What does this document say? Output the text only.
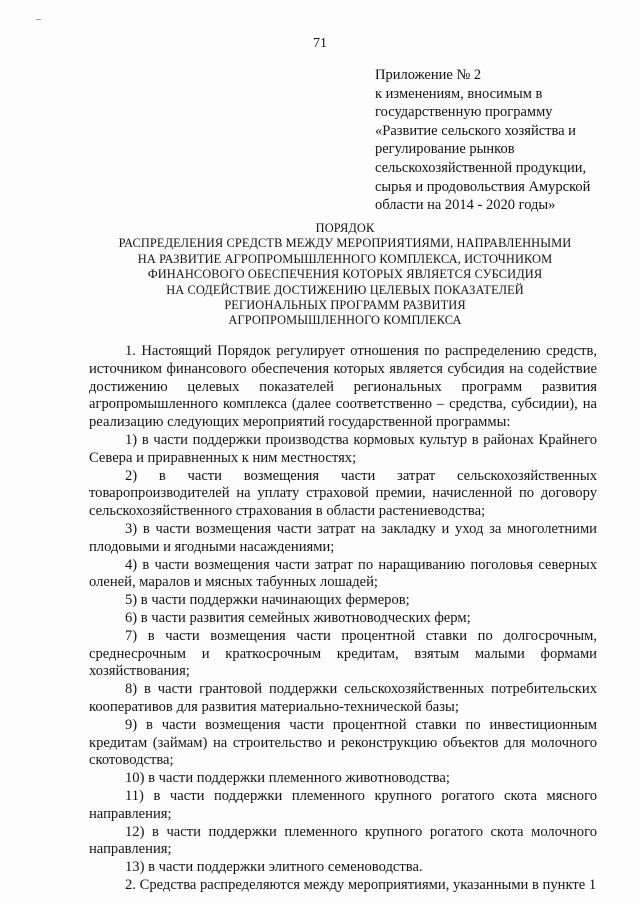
–
71
Приложение № 2
к изменениям, вносимым в
государственную программу
«Развитие сельского хозяйства и
регулирование рынков
сельскохозяйственной продукции,
сырья и продовольствия Амурской
области на 2014 - 2020 годы»
ПОРЯДОК
РАСПРЕДЕЛЕНИЯ СРЕДСТВ МЕЖДУ МЕРОПРИЯТИЯМИ, НАПРАВЛЕННЫМИ
НА РАЗВИТИЕ АГРОПРОМЫШЛЕННОГО КОМПЛЕКСА, ИСТОЧНИКОМ
ФИНАНСОВОГО ОБЕСПЕЧЕНИЯ КОТОРЫХ ЯВЛЯЕТСЯ СУБСИДИЯ
НА СОДЕЙСТВИЕ ДОСТИЖЕНИЮ ЦЕЛЕВЫХ ПОКАЗАТЕЛЕЙ
РЕГИОНАЛЬНЫХ ПРОГРАММ РАЗВИТИЯ
АГРОПРОМЫШЛЕННОГО КОМПЛЕКСА

1. Настоящий Порядок регулирует отношения по распределению средств, источником финансового обеспечения которых является субсидия на содействие достижению целевых показателей региональных программ развития агропромышленного комплекса (далее соответственно – средства, субсидии), на реализацию следующих мероприятий государственной программы:

1) в части поддержки производства кормовых культур в районах Крайнего Севера и приравненных к ним местностях;

2) в части возмещения части затрат сельскохозяйственных товаропроизводителей на уплату страховой премии, начисленной по договору сельскохозяйственного страхования в области растениеводства;

3) в части возмещения части затрат на закладку и уход за многолетними плодовыми и ягодными насаждениями;

4) в части возмещения части затрат по наращиванию поголовья северных оленей, маралов и мясных табунных лошадей;

5) в части поддержки начинающих фермеров;

6) в части развития семейных животноводческих ферм;

7) в части возмещения части процентной ставки по долгосрочным, среднесрочным и краткосрочным кредитам, взятым малыми формами хозяйствования;

8) в части грантовой поддержки сельскохозяйственных потребительских кооперативов для развития материально-технической базы;

9) в части возмещения части процентной ставки по инвестиционным кредитам (займам) на строительство и реконструкцию объектов для молочного скотоводства;

10) в части поддержки племенного животноводства;

11) в части поддержки племенного крупного рогатого скота мясного направления;

12) в части поддержки племенного крупного рогатого скота молочного направления;

13) в части поддержки элитного семеноводства.

2. Средства распределяются между мероприятиями, указанными в пункте 1
